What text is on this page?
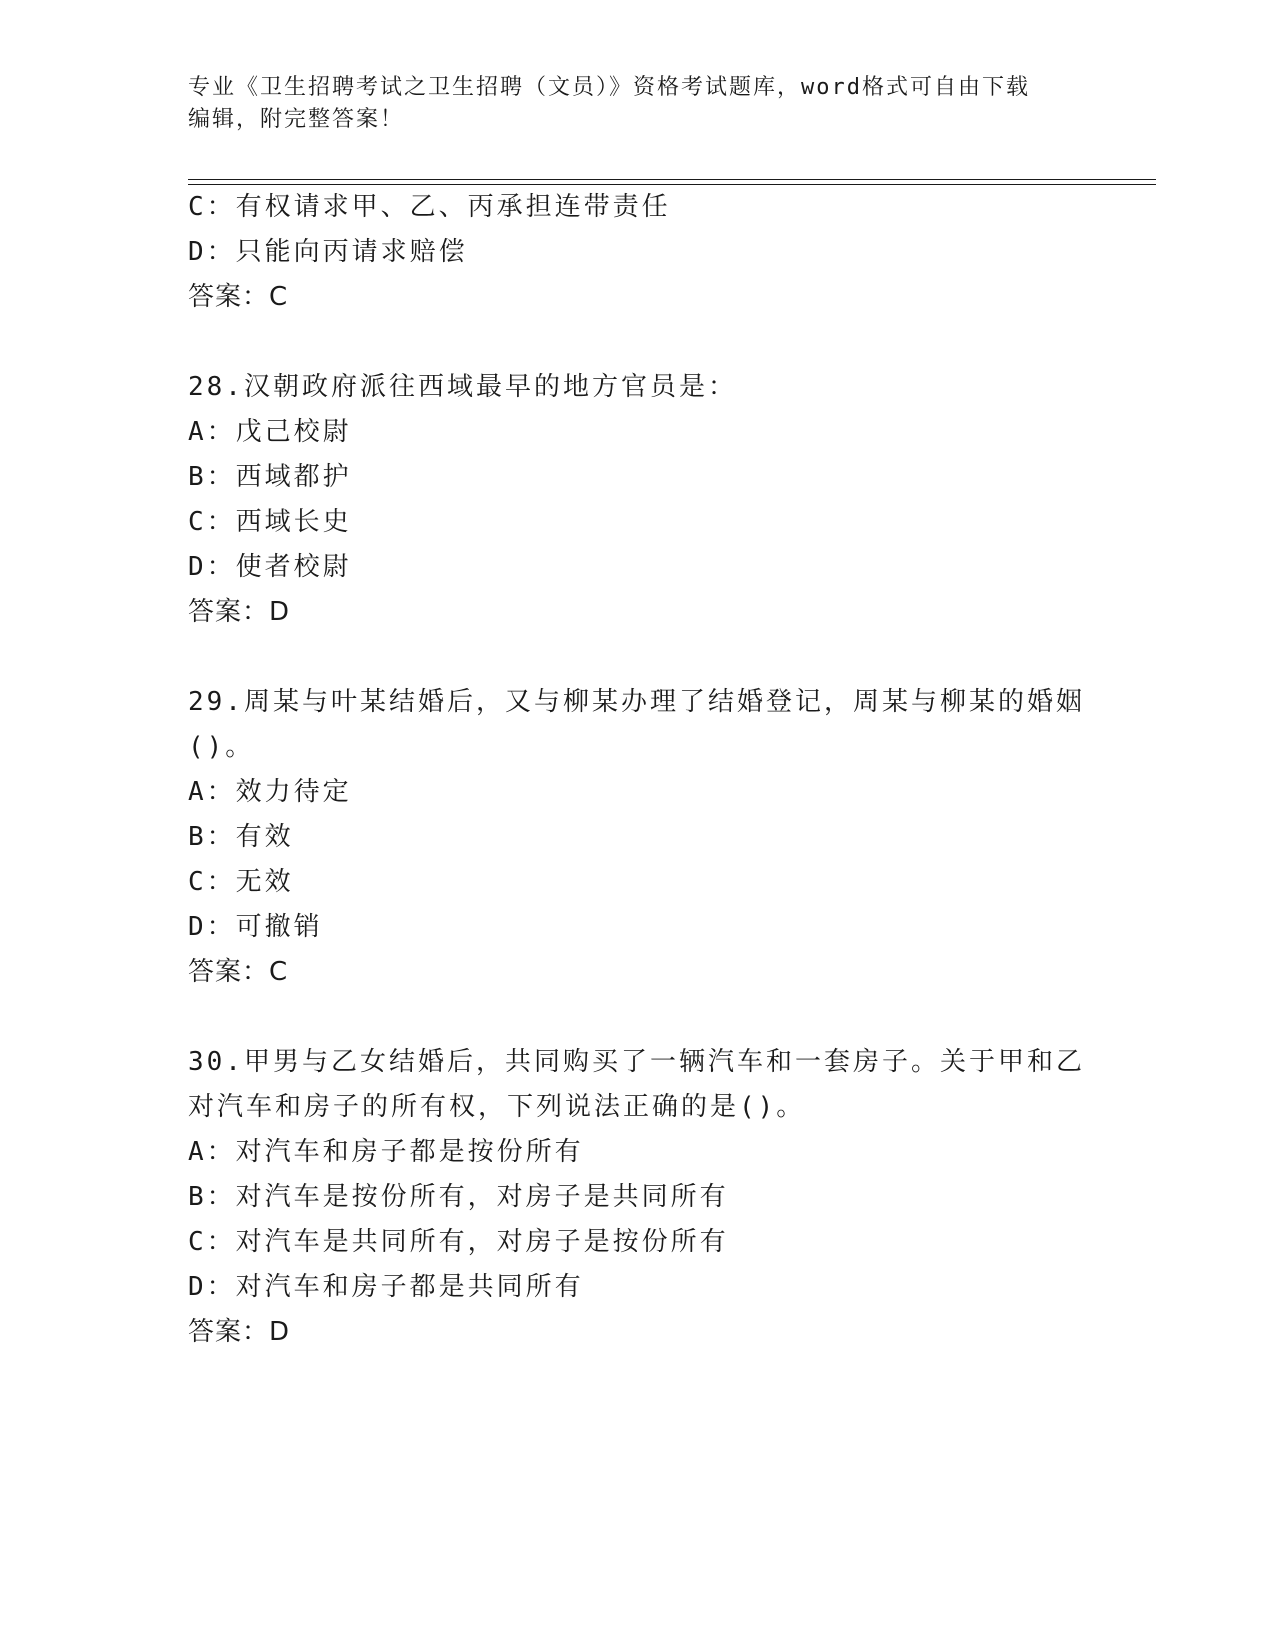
专业《卫生招聘考试之卫生招聘（文员）》资格考试题库，word格式可自由下载
编辑，附完整答案！
C：有权请求甲、乙、丙承担连带责任
D：只能向丙请求赔偿
答案：C
28.汉朝政府派往西域最早的地方官员是：
A：戊己校尉
B：西域都护
C：西域长史
D：使者校尉
答案：D
29.周某与叶某结婚后，又与柳某办理了结婚登记，周某与柳某的婚姻
()。
A：效力待定
B：有效
C：无效
D：可撤销
答案：C
30.甲男与乙女结婚后，共同购买了一辆汽车和一套房子。关于甲和乙
对汽车和房子的所有权，下列说法正确的是()。
A：对汽车和房子都是按份所有
B：对汽车是按份所有，对房子是共同所有
C：对汽车是共同所有，对房子是按份所有
D：对汽车和房子都是共同所有
答案：D
